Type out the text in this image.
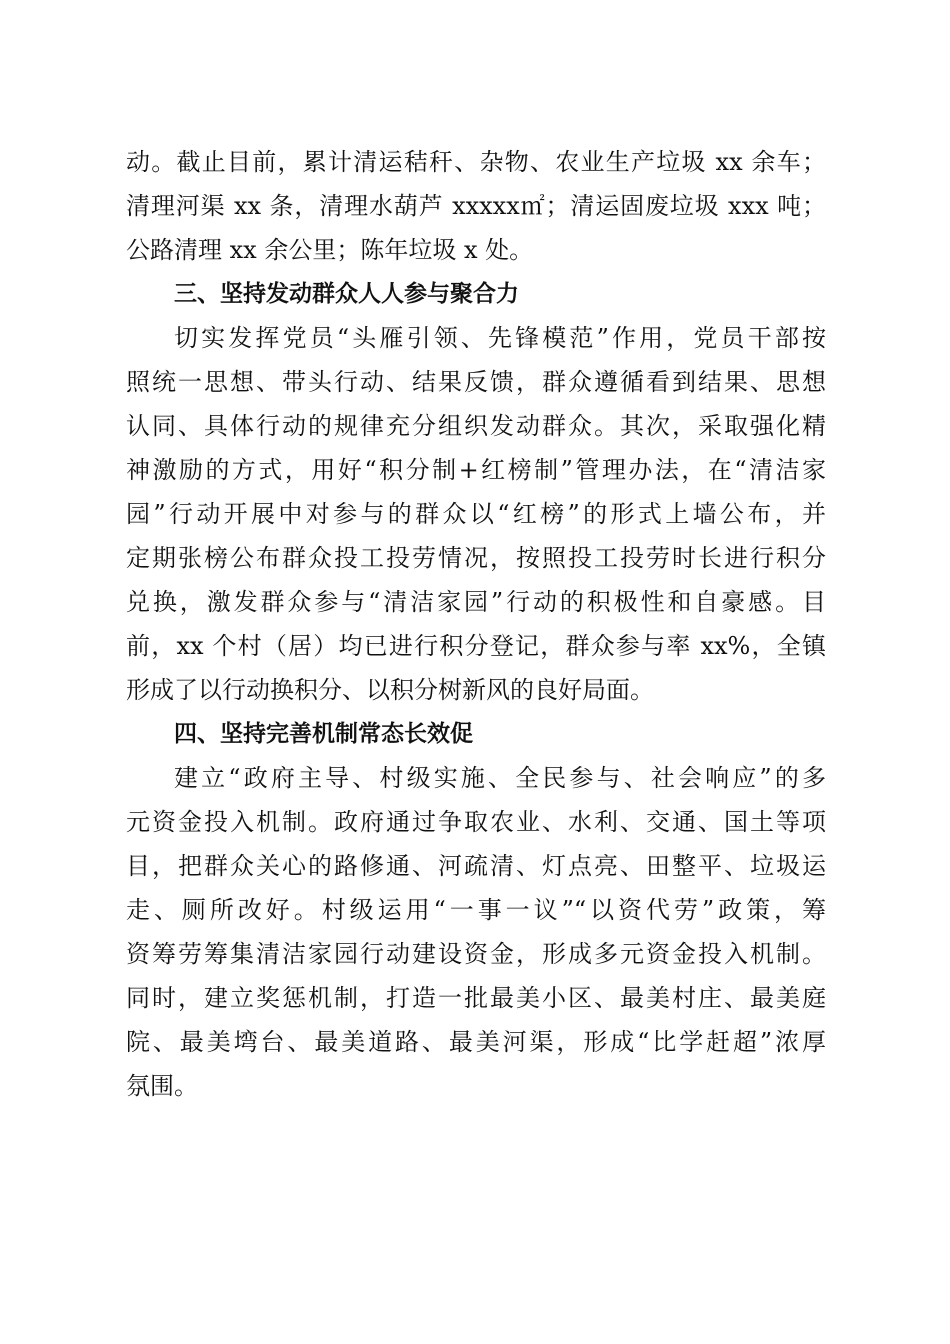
动。截止目前，累计清运秸秆、杂物、农业生产垃圾 xx 余车；
清理河渠 xx 条，清理水葫芦 xxxxx㎡；清运固废垃圾 xxx 吨；
公路清理 xx 余公里；陈年垃圾 x 处。
三、坚持发动群众人人参与聚合力
切实发挥党员“头雁引领、先锋模范”作用，党员干部按
照统一思想、带头行动、结果反馈，群众遵循看到结果、思想
认同、具体行动的规律充分组织发动群众。其次，采取强化精
神激励的方式，用好“积分制+红榜制”管理办法，在“清洁家
园”行动开展中对参与的群众以“红榜”的形式上墙公布，并
定期张榜公布群众投工投劳情况，按照投工投劳时长进行积分
兑换，激发群众参与“清洁家园”行动的积极性和自豪感。目
前，xx 个村（居）均已进行积分登记，群众参与率 xx%，全镇
形成了以行动换积分、以积分树新风的良好局面。
四、坚持完善机制常态长效促
建立“政府主导、村级实施、全民参与、社会响应”的多
元资金投入机制。政府通过争取农业、水利、交通、国土等项
目，把群众关心的路修通、河疏清、灯点亮、田整平、垃圾运
走、厕所改好。村级运用“一事一议”“以资代劳”政策，筹
资筹劳筹集清洁家园行动建设资金，形成多元资金投入机制。
同时，建立奖惩机制，打造一批最美小区、最美村庄、最美庭
院、最美塆台、最美道路、最美河渠，形成“比学赶超”浓厚
氛围。
